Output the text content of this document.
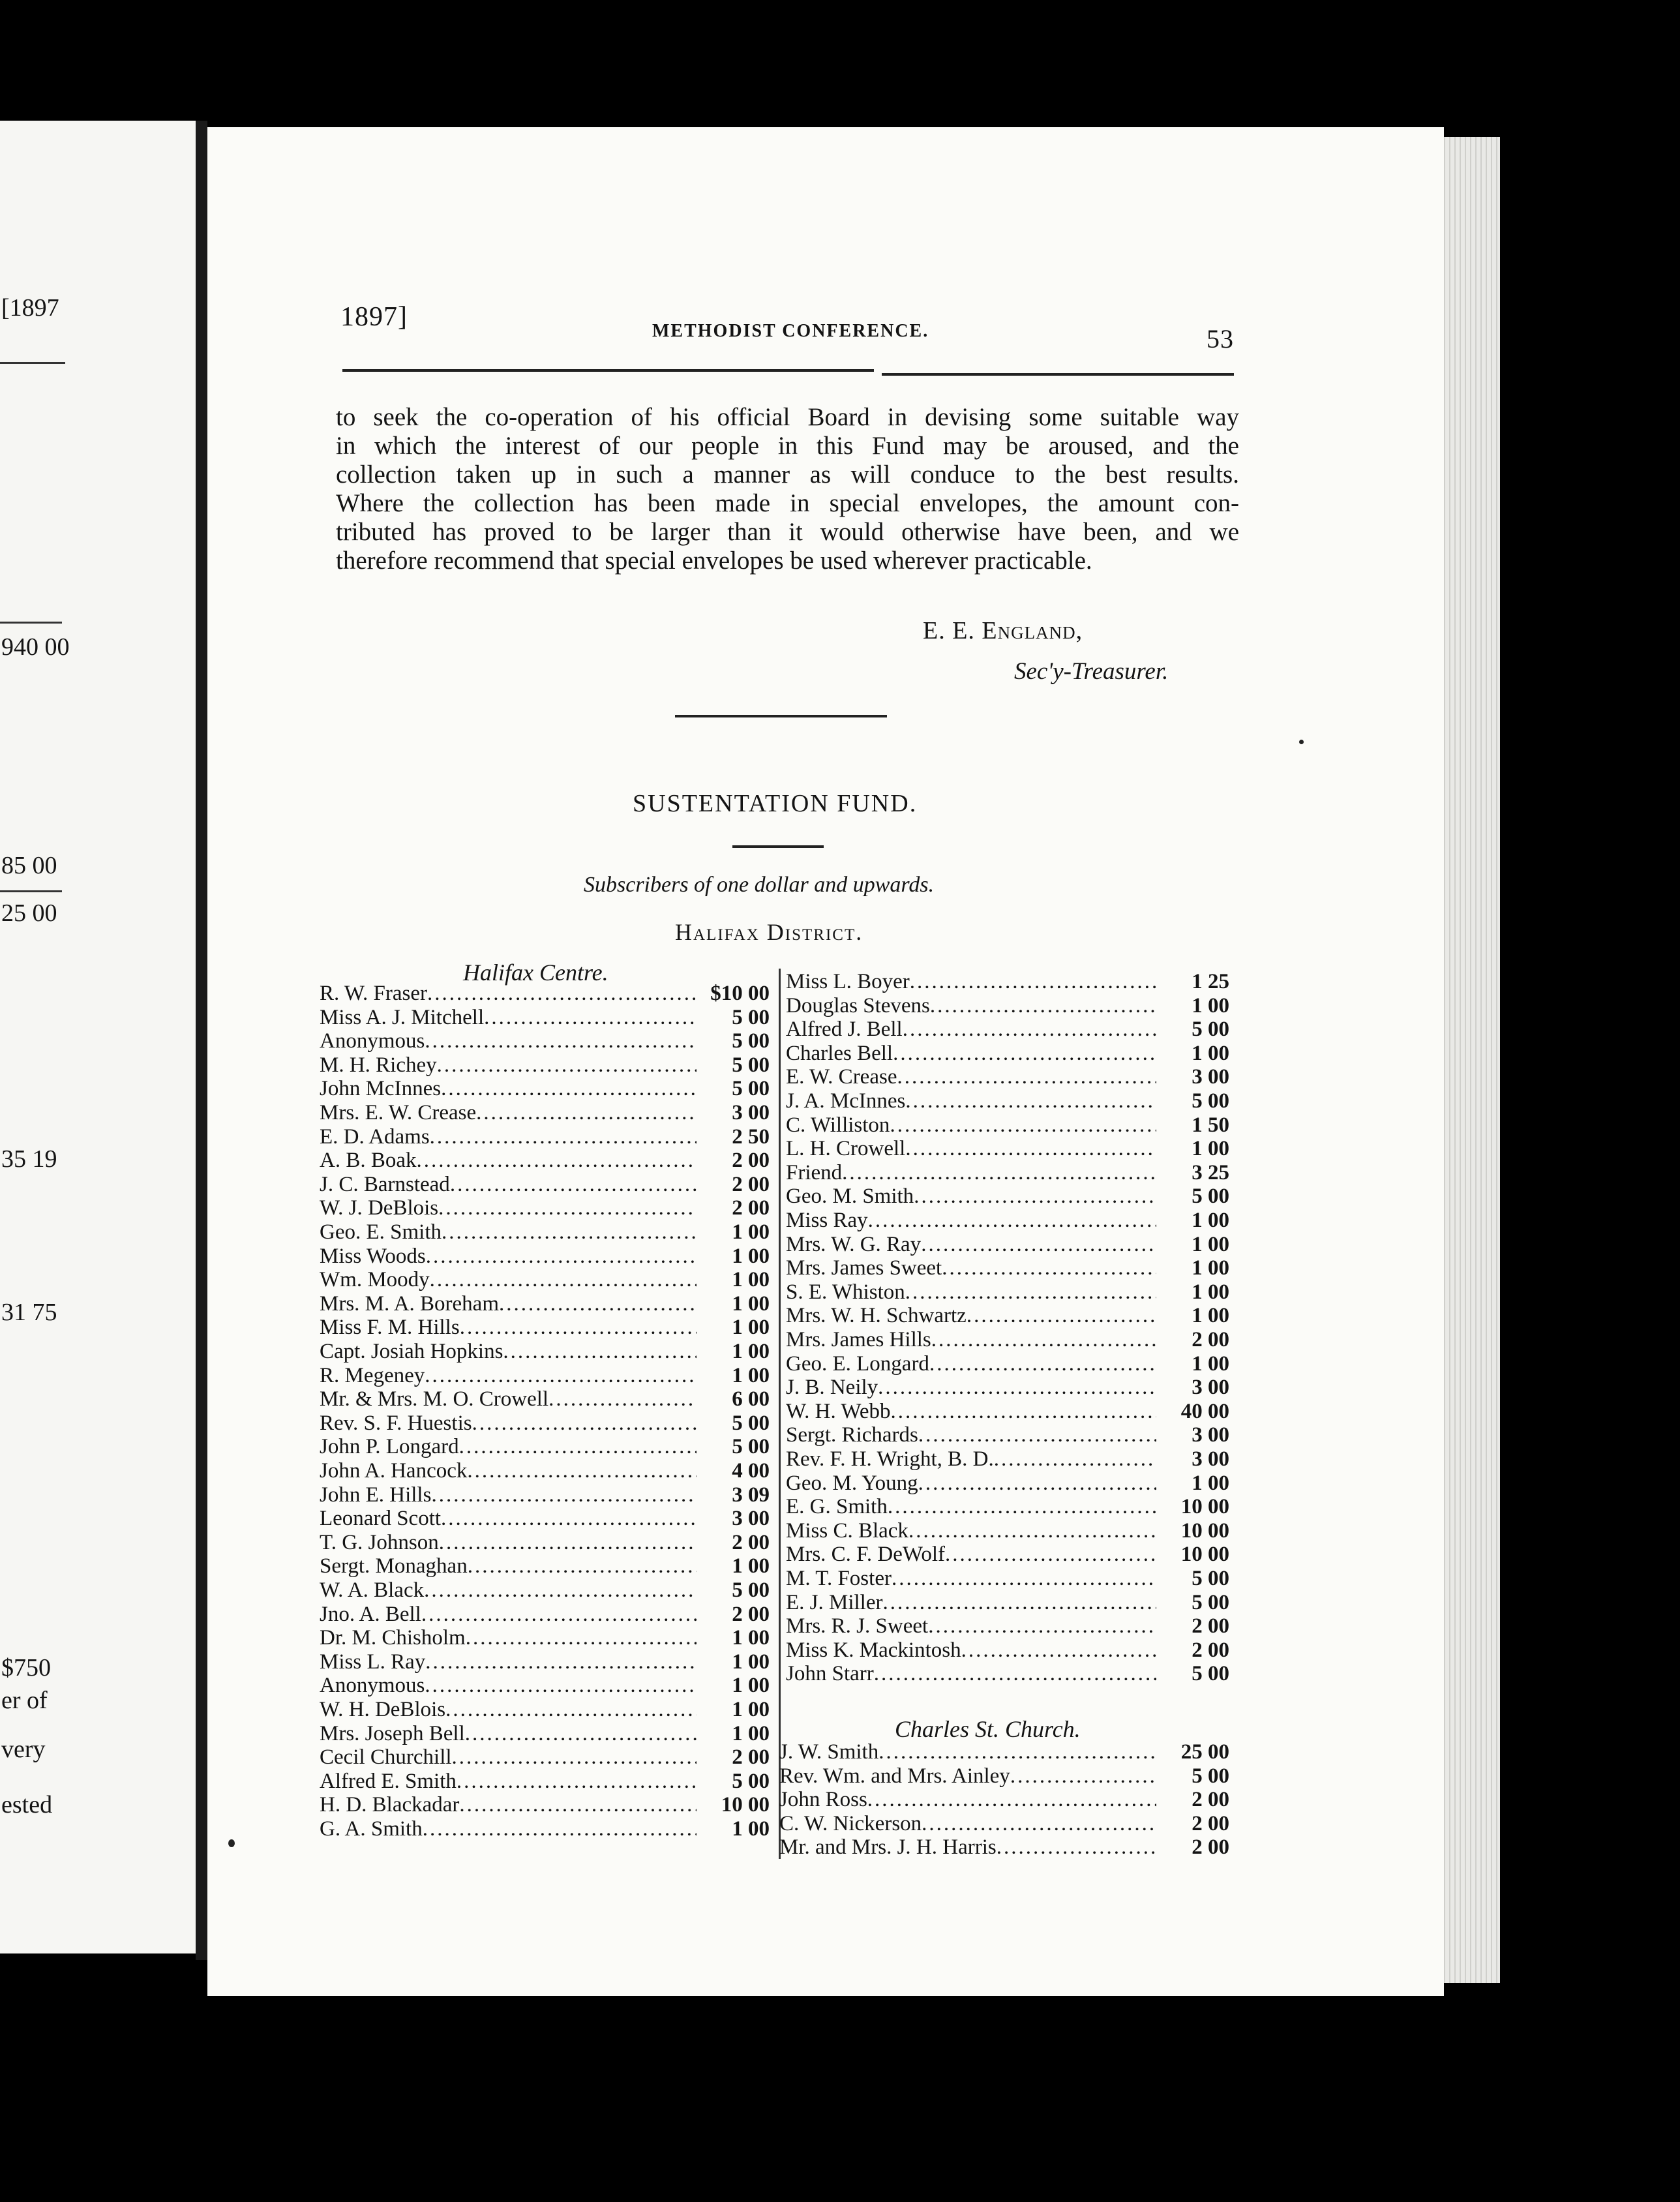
[1897
940 00
85 00
25 00
35 19
31 75
$750
er of
very
ested
1897]	METHODIST CONFERENCE.	53
to seek the co-operation of his official Board in devising some suitable way
in which the interest of our people in this Fund may be aroused, and the
collection taken up in such a manner as will conduce to the best results.
Where the collection has been made in special envelopes, the amount con-
tributed has proved to be larger than it would otherwise have been, and we
therefore recommend that special envelopes be used wherever practicable.
E. E. England,
Sec'y-Treasurer.
SUSTENTATION FUND.
Subscribers of one dollar and upwards.
Halifax District.
Halifax Centre.
R. W. Fraser .....	$10 00
Miss A. J. Mitchell .....	5 00
Anonymous .....	5 00
M. H. Richey .....	5 00
John McInnes .....	5 00
Mrs. E. W. Crease .....	3 00
E. D. Adams .....	2 50
A. B. Boak .....	2 00
J. C. Barnstead .....	2 00
W. J. DeBlois .....	2 00
Geo. E. Smith .....	1 00
Miss Woods .....	1 00
Wm. Moody .....	1 00
Mrs. M. A. Boreham .....	1 00
Miss F. M. Hills .....	1 00
Capt. Josiah Hopkins .....	1 00
R. Megeney .....	1 00
Mr. & Mrs. M. O. Crowell .....	6 00
Rev. S. F. Huestis .....	5 00
John P. Longard .....	5 00
John A. Hancock .....	4 00
John E. Hills .....	3 09
Leonard Scott .....	3 00
T. G. Johnson .....	2 00
Sergt. Monaghan .....	1 00
W. A. Black .....	5 00
Jno. A. Bell .....	2 00
Dr. M. Chisholm .....	1 00
Miss L. Ray .....	1 00
Anonymous .....	1 00
W. H. DeBlois .....	1 00
Mrs. Joseph Bell .....	1 00
Cecil Churchill .....	2 00
Alfred E. Smith .....	5 00
H. D. Blackadar .....	10 00
G. A. Smith .....	1 00
Miss L. Boyer .....	1 25
Douglas Stevens .....	1 00
Alfred J. Bell .....	5 00
Charles Bell .....	1 00
E. W. Crease .....	3 00
J. A. McInnes .....	5 00
C. Williston .....	1 50
L. H. Crowell .....	1 00
Friend .....	3 25
Geo. M. Smith .....	5 00
Miss Ray .....	1 00
Mrs. W. G. Ray .....	1 00
Mrs. James Sweet .....	1 00
S. E. Whiston .....	1 00
Mrs. W. H. Schwartz .....	1 00
Mrs. James Hills .....	2 00
Geo. E. Longard .....	1 00
J. B. Neily .....	3 00
W. H. Webb .....	40 00
Sergt. Richards .....	3 00
Rev. F. H. Wright, B. D. .....	3 00
Geo. M. Young .....	1 00
E. G. Smith .....	10 00
Miss C. Black .....	10 00
Mrs. C. F. DeWolf .....	10 00
M. T. Foster .....	5 00
E. J. Miller .....	5 00
Mrs. R. J. Sweet .....	2 00
Miss K. Mackintosh .....	2 00
John Starr .....	5 00
Charles St. Church.
J. W. Smith .....	25 00
Rev. Wm. and Mrs. Ainley .....	5 00
John Ross .....	2 00
C. W. Nickerson .....	2 00
Mr. and Mrs. J. H. Harris .....	2 00
